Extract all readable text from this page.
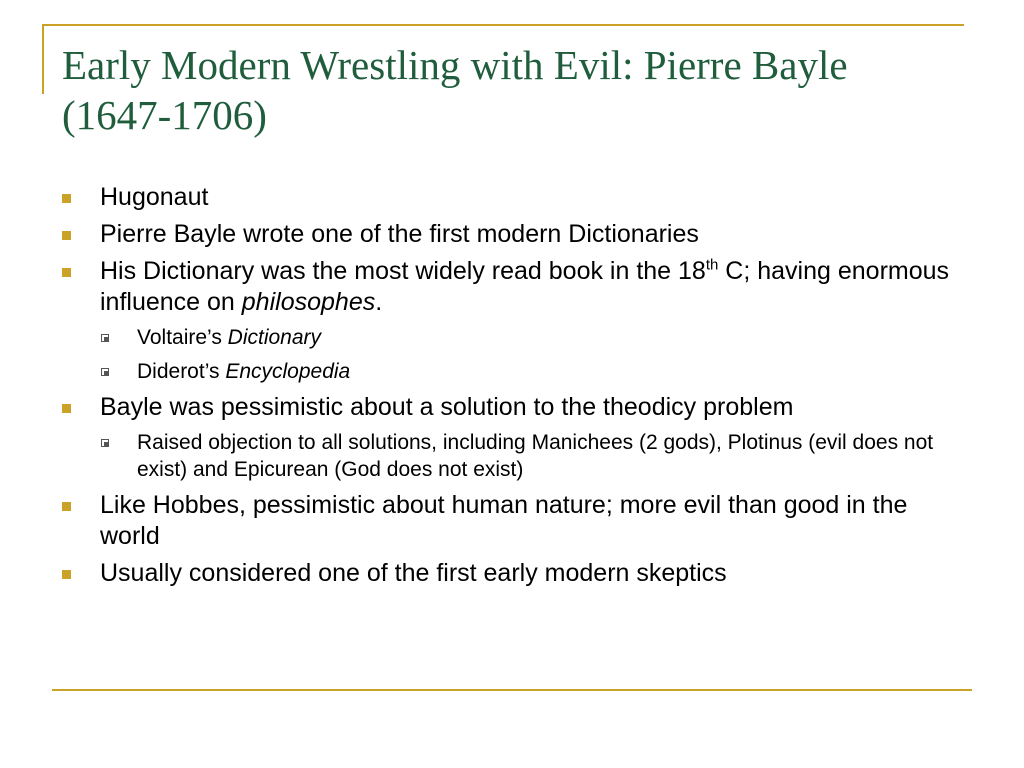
Early Modern Wrestling with Evil: Pierre Bayle (1647-1706)
Hugonaut
Pierre Bayle wrote one of the first modern Dictionaries
His Dictionary was the most widely read book in the 18th C; having enormous influence on philosophes.
Voltaire’s Dictionary
Diderot’s Encyclopedia
Bayle was pessimistic about a solution to the theodicy problem
Raised objection to all solutions, including Manichees (2 gods), Plotinus (evil does not exist) and Epicurean (God does not exist)
Like Hobbes, pessimistic about human nature; more evil than good in the world
Usually considered one of the first early modern skeptics
